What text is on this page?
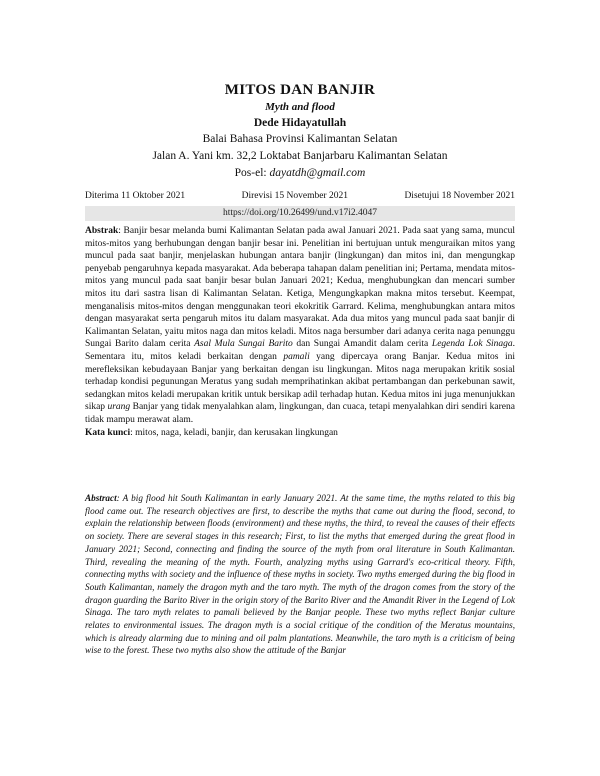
MITOS DAN BANJIR

Myth and flood

Dede Hidayatullah

Balai Bahasa Provinsi Kalimantan Selatan

Jalan A. Yani km. 32,2 Loktabat Banjarbaru Kalimantan Selatan

Pos-el: dayatdh@gmail.com

Diterima 11 Oktober 2021	Direvisi 15 November 2021	Disetujui 18 November 2021
https://doi.org/10.26499/und.v17i2.4047

Abstrak: Banjir besar melanda bumi Kalimantan Selatan pada awal Januari 2021. Pada saat yang sama, muncul mitos-mitos yang berhubungan dengan banjir besar ini. Penelitian ini bertujuan untuk menguraikan mitos yang muncul pada saat banjir, menjelaskan hubungan antara banjir (lingkungan) dan mitos ini, dan mengungkap penyebab pengaruhnya kepada masyarakat. Ada beberapa tahapan dalam penelitian ini; Pertama, mendata mitos-mitos yang muncul pada saat banjir besar bulan Januari 2021; Kedua, menghubungkan dan mencari sumber mitos itu dari sastra lisan di Kalimantan Selatan. Ketiga, Mengungkapkan makna mitos tersebut. Keempat, menganalisis mitos-mitos dengan menggunakan teori ekokritik Garrard. Kelima, menghubungkan antara mitos dengan masyarakat serta pengaruh mitos itu dalam masyarakat. Ada dua mitos yang muncul pada saat banjir di Kalimantan Selatan, yaitu mitos naga dan mitos keladi. Mitos naga bersumber dari adanya cerita naga penunggu Sungai Barito dalam cerita Asal Mula Sungai Barito dan Sungai Amandit dalam cerita Legenda Lok Sinaga. Sementara itu, mitos keladi berkaitan dengan pamali yang dipercaya orang Banjar. Kedua mitos ini merefleksikan kebudayaan Banjar yang berkaitan dengan isu lingkungan. Mitos naga merupakan kritik sosial terhadap kondisi pegunungan Meratus yang sudah memprihatinkan akibat pertambangan dan perkebunan sawit, sedangkan mitos keladi merupakan kritik untuk bersikap adil terhadap hutan. Kedua mitos ini juga menunjukkan sikap urang Banjar yang tidak menyalahkan alam, lingkungan, dan cuaca, tetapi menyalahkan diri sendiri karena tidak mampu merawat alam.

Kata kunci: mitos, naga, keladi, banjir, dan kerusakan lingkungan

Abstract: A big flood hit South Kalimantan in early January 2021. At the same time, the myths related to this big flood came out. The research objectives are first, to describe the myths that came out during the flood, second, to explain the relationship between floods (environment) and these myths, the third, to reveal the causes of their effects on society. There are several stages in this research; First, to list the myths that emerged during the great flood in January 2021; Second, connecting and finding the source of the myth from oral literature in South Kalimantan. Third, revealing the meaning of the myth. Fourth, analyzing myths using Garrard's eco-critical theory. Fifth, connecting myths with society and the influence of these myths in society. Two myths emerged during the big flood in South Kalimantan, namely the dragon myth and the taro myth. The myth of the dragon comes from the story of the dragon guarding the Barito River in the origin story of the Barito River and the Amandit River in the Legend of Lok Sinaga. The taro myth relates to pamali believed by the Banjar people. These two myths reflect Banjar culture relates to environmental issues. The dragon myth is a social critique of the condition of the Meratus mountains, which is already alarming due to mining and oil palm plantations. Meanwhile, the taro myth is a criticism of being wise to the forest. These two myths also show the attitude of the Banjar
